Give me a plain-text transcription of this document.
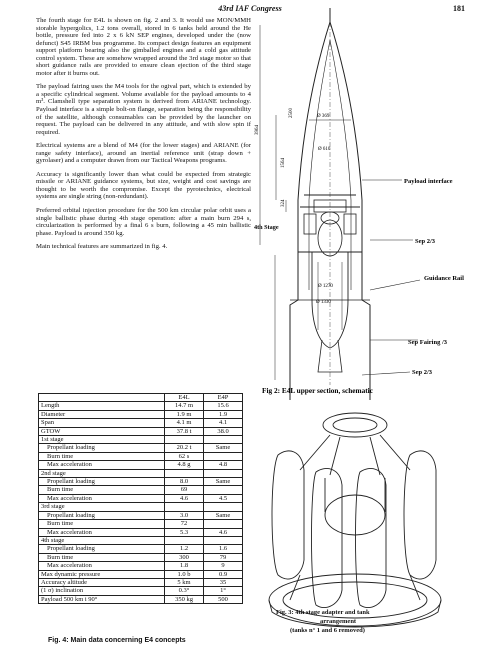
43rd IAF Congress	181

The fourth stage for E4L is shown on fig. 2 and 3. It would use MON/MMH storable hypergolics, 1.2 tons overall, stored in 6 tanks held around the He bottle, pressure fed into 2 x 6 kN SEP engines, developed under the (now defunct) S45 IRBM bus programme. Its compact design features an equipment support platform bearing also the gimballed engines and a cold gas attitude control system. These are somehow wrapped around the 3rd stage motor so that short guidance rails are provided to ensure clean ejection of the third stage motor after it burns out.

The payload fairing uses the M4 tools for the ogival part, which is extended by a specific cylindrical segment. Volume available for the payload amounts to 4 m³. Clamshell type separation system is derived from ARIANE technology. Payload interface is a simple bolt-on flange, separation being the responsibility of the satellite, although consumables can be provided by the launcher on request. The payload can be delivered in any attitude, and with slow spin if required.

Electrical systems are a blend of M4 (for the lower stages) and ARIANE (for range safety interface), around an inertial reference unit (strap down + gyrolaser) and a computer drawn from our Tactical Weapons programs.

Accuracy is significantly lower than what could be expected from strategic missile or ARIANE guidance systems, but size, weight and cost savings are thought to be worth the compromise. Except the pyrotechnics, electrical systems are single string (non-redundant).

Preferred orbital injection procedure for the 500 km circular polar orbit uses a single ballistic phase during 4th stage operation: after a main burn 294 s, circularization is performed by a final 6 s burn, following a 45 min ballistic phase. Payload is around 350 kg.

Main technical features are summarized in fig. 4.

	E4L	E4P
Length	14.7 m	15.6
Diameter	1.9 m	1.9
Span	4.1 m	4.1
GTOW	37.8 t	38.0
1st stage		
Propellant loading	20.2 t	Same
Burn time	62 s	
Max acceleration	4.8 g	4.8
2nd stage		
Propellant loading	8.0	Same
Burn time	69	
Max acceleration	4.6	4.5
3rd stage		
Propellant loading	3.0	Same
Burn time	72	
Max acceleration	5.3	4.6
4th stage		
Propellant loading	1.2	1.6
Burn time	300	79
Max acceleration	1.8	9
Max dynamic pressure	1.0 b	0.9
Accuracy altitude	5 km	35
(1 σ) inclination	0.3°	1°
Payload 500 km i 90°	350 kg	500
Fig. 4: Main data concerning E4 concepts
Ø 369
Ø 610
Ø 1270
Ø 1330
1564
2500
3964
324
Payload interface
Sep 2/3
Guidance Rail
Sep Fairing /3
Sep 2/3
4th Stage
Fig 2: E4L upper section, schematic
Fig. 3: 4th stage adapter and tank
arrangement
(tanks n° 1 and 6 removed)
